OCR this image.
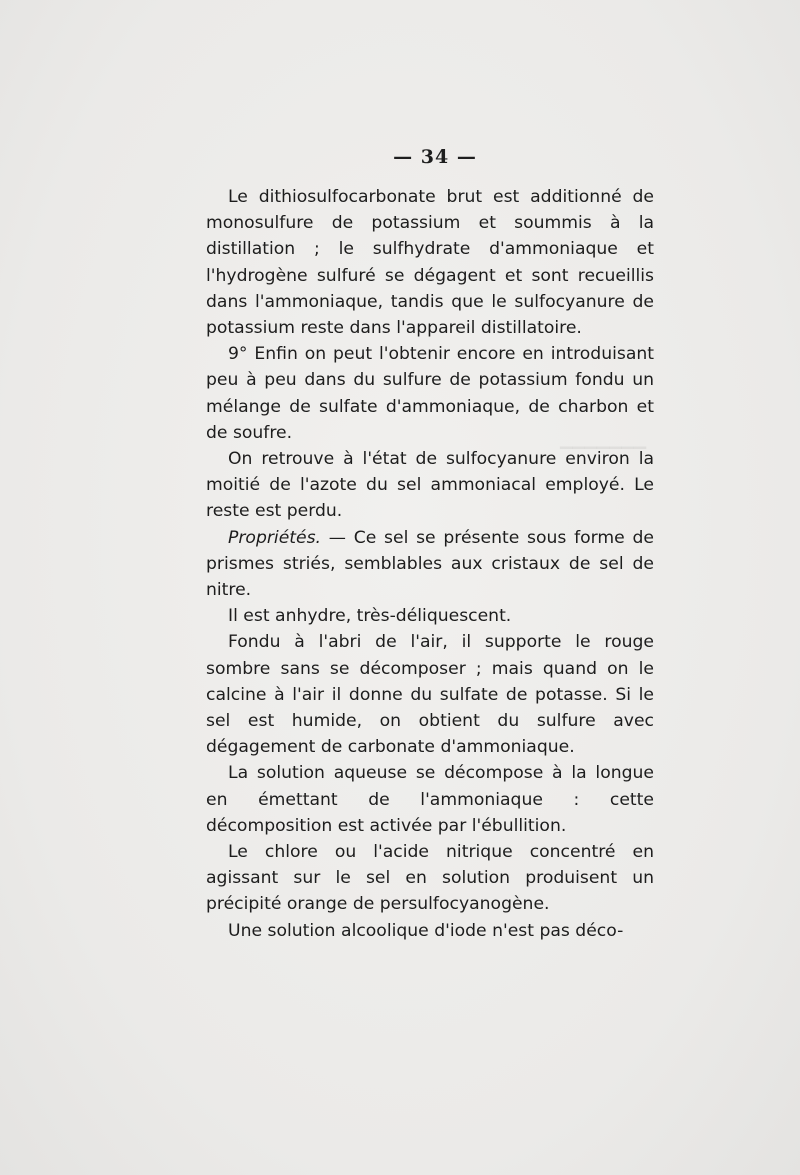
▁▁▁▁▁▁▁
— 34 —

Le dithiosulfocarbonate brut est additionné de monosulfure de potassium et soummis à la distillation ; le sulfhydrate d'ammoniaque et l'hydrogène sulfuré se dégagent et sont recueillis dans l'ammoniaque, tandis que le sulfocyanure de potassium reste dans l'appareil distillatoire.

9° Enfin on peut l'obtenir encore en introduisant peu à peu dans du sulfure de potassium fondu un mélange de sulfate d'ammoniaque, de charbon et de soufre.

On retrouve à l'état de sulfocyanure environ la moitié de l'azote du sel ammoniacal employé. Le reste est perdu.

Propriétés. — Ce sel se présente sous forme de prismes striés, semblables aux cristaux de sel de nitre.

Il est anhydre, très-déliquescent.

Fondu à l'abri de l'air, il supporte le rouge sombre sans se décomposer ; mais quand on le calcine à l'air il donne du sulfate de potasse. Si le sel est humide, on obtient du sulfure avec dégagement de carbonate d'ammoniaque.

La solution aqueuse se décompose à la longue en émettant de l'ammoniaque : cette décomposition est activée par l'ébullition.

Le chlore ou l'acide nitrique concentré en agissant sur le sel en solution produisent un précipité orange de persulfocyanogène.

Une solution alcoolique d'iode n'est pas déco-
